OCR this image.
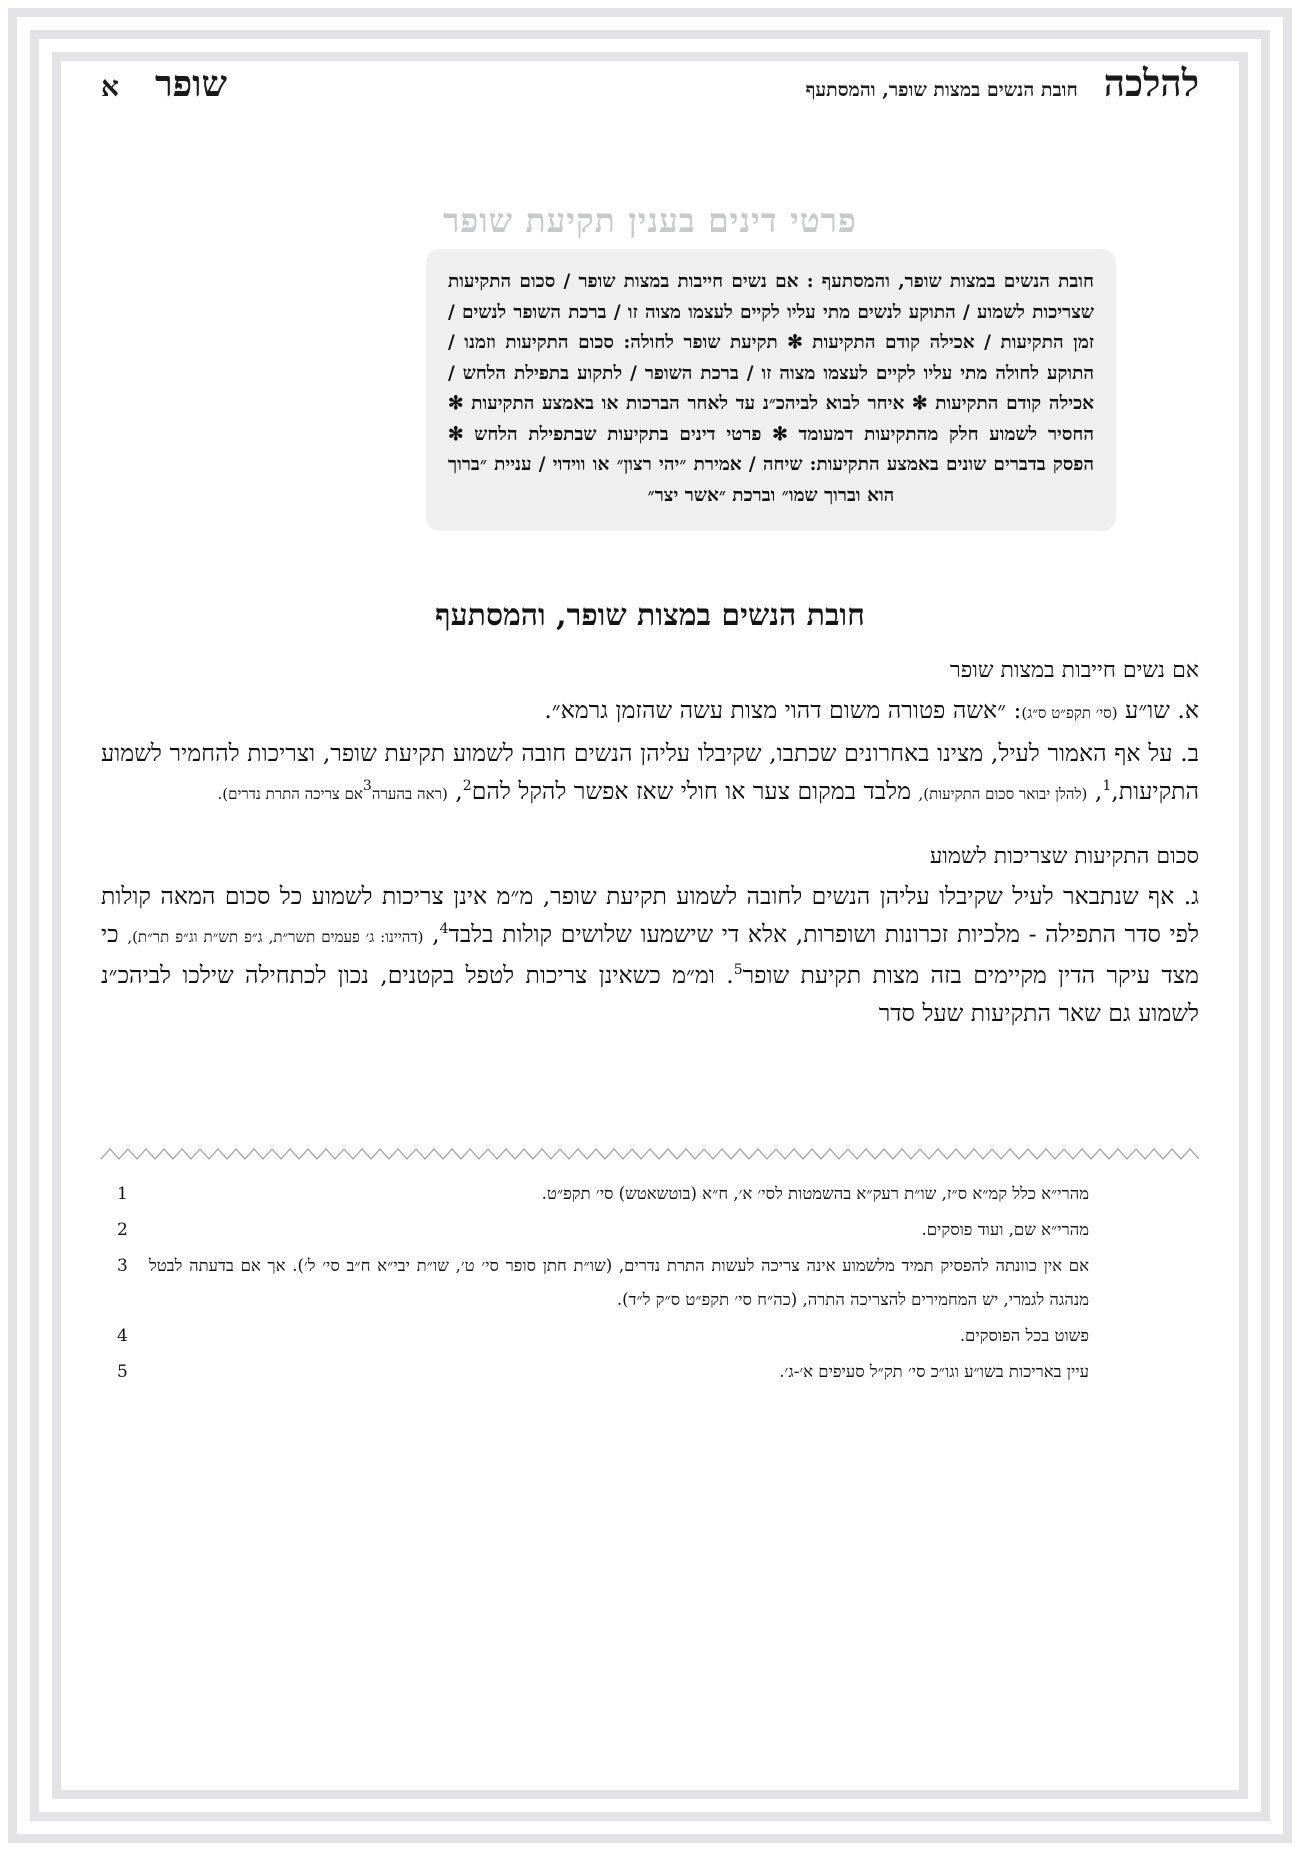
להלכה
חובת הנשים במצות שופר, והמסתעף
שופר
א
פרטי דינים בענין תקיעת שופר
חובת הנשים במצות שופר, והמסתעף : אם נשים חייבות במצות שופר / סכום התקיעות שצריכות לשמוע / התוקע לנשים מתי עליו לקיים לעצמו מצוה זו / ברכת השופר לנשים / זמן התקיעות / אכילה קודם התקיעות ✻ תקיעת שופר לחולה: סכום התקיעות וזמנו / התוקע לחולה מתי עליו לקיים לעצמו מצוה זו / ברכת השופר / לתקוע בתפילת הלחש / אכילה קודם התקיעות ✻ איחר לבוא לביהכ״נ עד לאחר הברכות או באמצע התקיעות ✻ החסיר לשמוע חלק מהתקיעות דמעומד ✻ פרטי דינים בתקיעות שבתפילת הלחש ✻ הפסק בדברים שונים באמצע התקיעות: שיחה / אמירת ״יהי רצון״ או ווידוי / עניית ״ברוך הוא וברוך שמו״ וברכת ״אשר יצר״
חובת הנשים במצות שופר, והמסתעף
אם נשים חייבות במצות שופר

א. שו״ע (סי׳ תקפ״ט ס״ג): ״אשה פטורה משום דהוי מצות עשה שהזמן גרמא״.

ב. על אף האמור לעיל, מצינו באחרונים שכתבו, שקיבלו עליהן הנשים חובה לשמוע תקיעת שופר, וצריכות להחמיר לשמוע התקיעות,$^1$, (להלן יבואר סכום התקיעות), מלבד במקום צער או חולי שאז אפשר להקל להם$^2$, (ראה בהערה$^3$אם צריכה התרת נדרים).

סכום התקיעות שצריכות לשמוע

ג. אף שנתבאר לעיל שקיבלו עליהן הנשים לחובה לשמוע תקיעת שופר, מ״מ אינן צריכות לשמוע כל סכום המאה קולות לפי סדר התפילה - מלכיות זכרונות ושופרות, אלא די שישמעו שלושים קולות בלבד$^4$, (דהיינו: ג׳ פעמים תשר״ת, ג״פ תש״ת וג״פ תר״ת), כי מצד עיקר הדין מקיימים בזה מצות תקיעת שופר$^5$. ומ״מ כשאינן צריכות לטפל בקטנים, נכון לכתחילה שילכו לביהכ״נ לשמוע גם שאר התקיעות שעל סדר

מהרי״א כלל קמ״א ס״ז, שו״ת רעק״א בהשמטות לסי׳ א׳, ח״א (בוטשאטש) סי׳ תקפ״ט.
1
מהרי״א שם, ועוד פוסקים.
2
אם אין כוונתה להפסיק תמיד מלשמוע אינה צריכה לעשות התרת נדרים, (שו״ת חתן סופר סי׳ ט׳, שו״ת יבי״א ח״ב סי׳ ל׳). אך אם בדעתה לבטל מנהגה לגמרי, יש המחמירים להצריכה התרה, (כה״ח סי׳ תקפ״ט ס״ק ל״ד).
3
פשוט בכל הפוסקים.
4
עיין באריכות בשו״ע וגו״כ סי׳ תק״ל סעיפים א׳-ג׳.
5
